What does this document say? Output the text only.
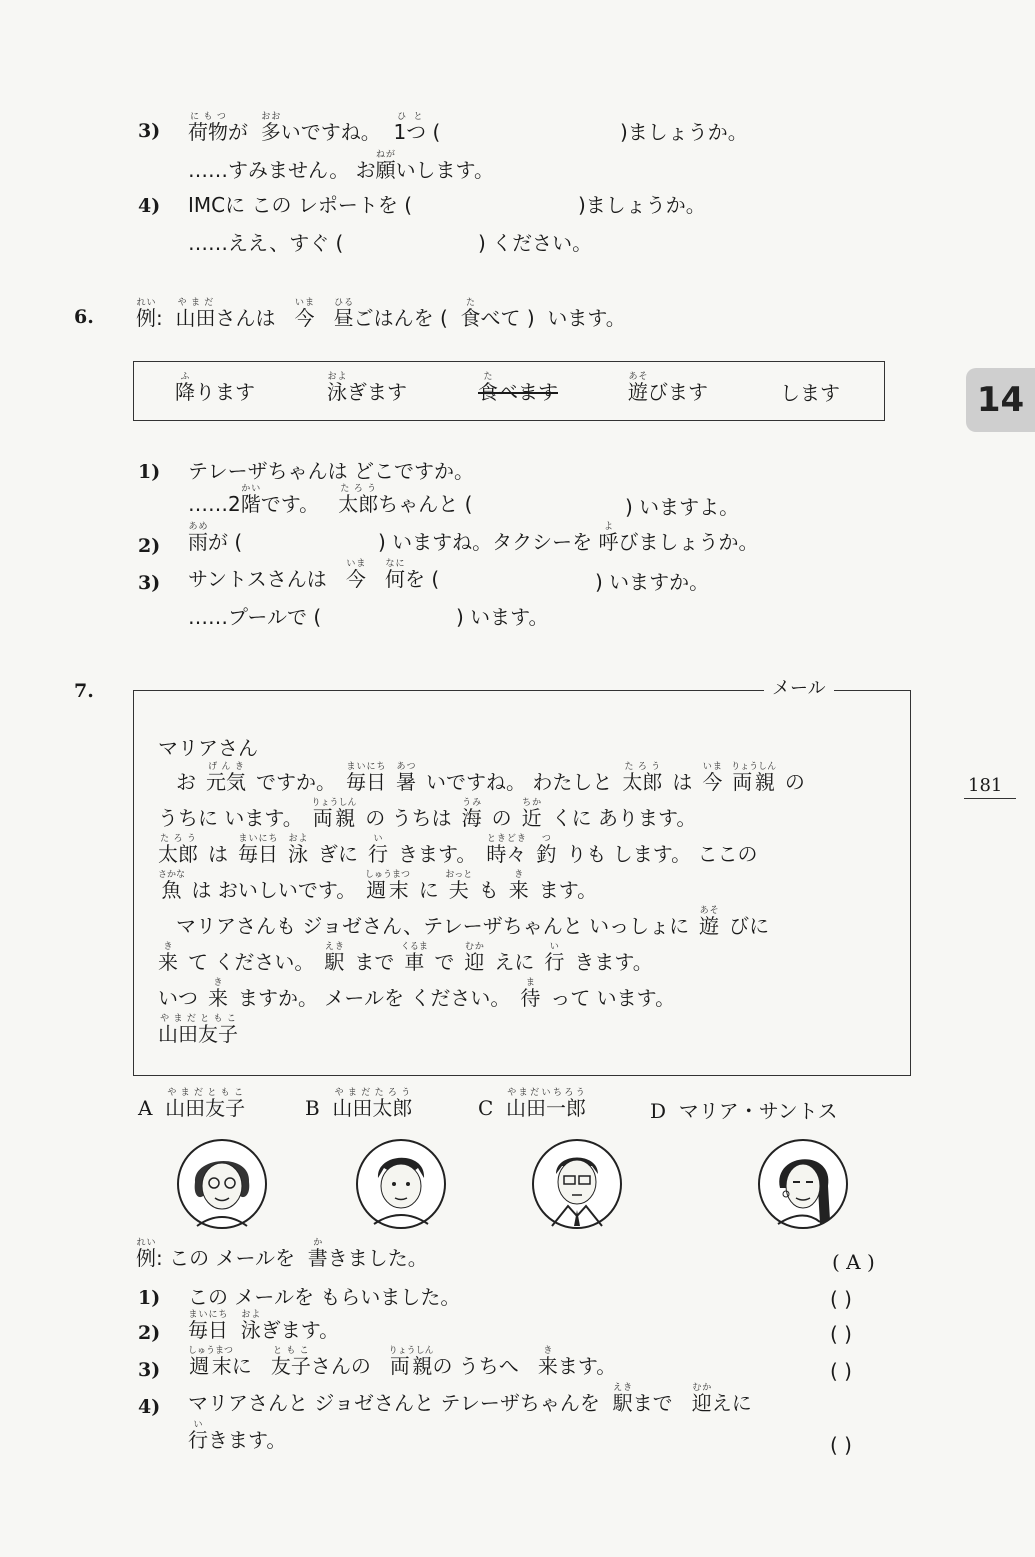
14
181
3) 荷物にもつが 多おおいですね。 1つひと (	)ましょうか。
……すみません。 お願ねがいします。
4) IMCに この レポートを (	)ましょうか。
……ええ、すぐ (	) ください。
6. 例れい: 山田やまださんは 今いま   昼ひるごはんを ( 食たべて ) います。
降ふります	泳およぎます	食たべます	遊あそびます	します
1) テレーザちゃんは どこですか。
……2階かいです。 太郎たろうちゃんと (	) いますよ。
2) 雨あめが (	) いますね。タクシーを 呼よびましょうか。
3) サントスさんは 今いま   何なにを (	) いますか。
……プールで (	) います。
7.	メール
マリアさん
お  元気げんき ですか。  毎日まいにち 暑あつ いですね。 わたしと  太郎たろう は  今いま 両親りょうしん の 
うちに います。  両親りょうしん の うちは  海うみ の  近ちか くに あります。 
太郎たろう は  毎日まいにち 泳およ ぎに  行い きます。  時々ときどき 釣つ りも します。 ここの 
魚さかな は おいしいです。  週末しゅうまつ に  夫おっと も  来き ます。 
マリアさんも ジョゼさん、テレーザちゃんと いっしょに  遊あそ びに 
来き て ください。  駅えき まで  車くるま で  迎むか えに  行い きます。 
いつ  来き ますか。 メールを ください。  待ま って います。 
山田友子やまだともこ
A 山田友子やまだともこ
B 山田太郎やまだたろう
C 山田一郎やまだいちろう
D マリア・サントス
例れい: この メールを 書かきました。	( A )
1) この メールを もらいました。	( )
2) 毎日まいにち  泳およぎます。	( )
3) 週末しゅうまつに 友子ともこさんの 両親りょうしんの うちへ 来きます。	( )
4) マリアさんと ジョゼさんと テレーザちゃんを 駅えきまで 迎むかえに
行いきます。	( )
